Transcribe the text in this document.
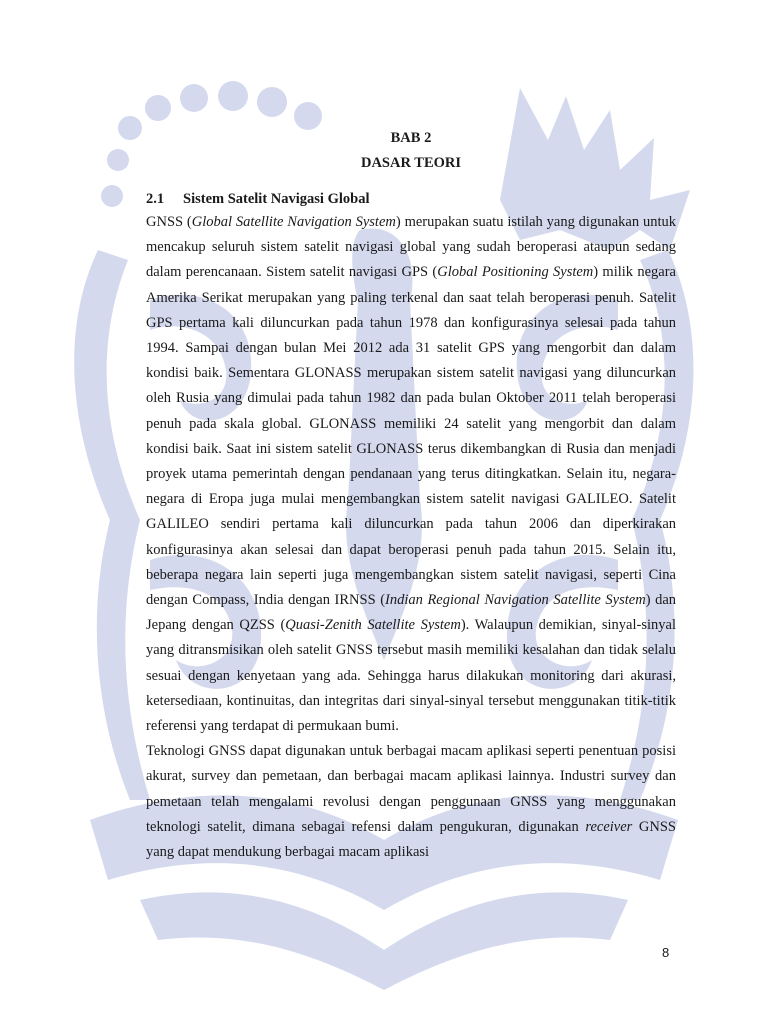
BAB 2

DASAR TEORI

2.1 Sistem Satelit Navigasi Global

GNSS (Global Satellite Navigation System) merupakan suatu istilah yang digunakan untuk mencakup seluruh sistem satelit navigasi global yang sudah beroperasi ataupun sedang dalam perencanaan. Sistem satelit navigasi GPS (Global Positioning System) milik negara Amerika Serikat merupakan yang paling terkenal dan saat telah beroperasi penuh. Satelit GPS pertama kali diluncurkan pada tahun 1978 dan konfigurasinya selesai pada tahun 1994. Sampai dengan bulan Mei 2012 ada 31 satelit GPS yang mengorbit dan dalam kondisi baik. Sementara GLONASS merupakan sistem satelit navigasi yang diluncurkan oleh Rusia yang dimulai pada tahun 1982 dan pada bulan Oktober 2011 telah beroperasi penuh pada skala global. GLONASS memiliki 24 satelit yang mengorbit dan dalam kondisi baik. Saat ini sistem satelit GLONASS terus dikembangkan di Rusia dan menjadi proyek utama pemerintah dengan pendanaan yang terus ditingkatkan. Selain itu, negara-negara di Eropa juga mulai mengembangkan sistem satelit navigasi GALILEO. Satelit GALILEO sendiri pertama kali diluncurkan pada tahun 2006 dan diperkirakan konfigurasinya akan selesai dan dapat beroperasi penuh pada tahun 2015. Selain itu, beberapa negara lain seperti juga mengembangkan sistem satelit navigasi, seperti Cina dengan Compass, India dengan IRNSS (Indian Regional Navigation Satellite System) dan Jepang dengan QZSS (Quasi-Zenith Satellite System). Walaupun demikian, sinyal-sinyal yang ditransmisikan oleh satelit GNSS tersebut masih memiliki kesalahan dan tidak selalu sesuai dengan kenyetaan yang ada. Sehingga harus dilakukan monitoring dari akurasi, ketersediaan, kontinuitas, dan integritas dari sinyal-sinyal tersebut menggunakan titik-titik referensi yang terdapat di permukaan bumi.

Teknologi GNSS dapat digunakan untuk berbagai macam aplikasi seperti penentuan posisi akurat, survey dan pemetaan, dan berbagai macam aplikasi lainnya. Industri survey dan pemetaan telah mengalami revolusi dengan penggunaan GNSS yang menggunakan teknologi satelit, dimana sebagai refensi dalam pengukuran, digunakan receiver GNSS yang dapat mendukung berbagai macam aplikasi

8
